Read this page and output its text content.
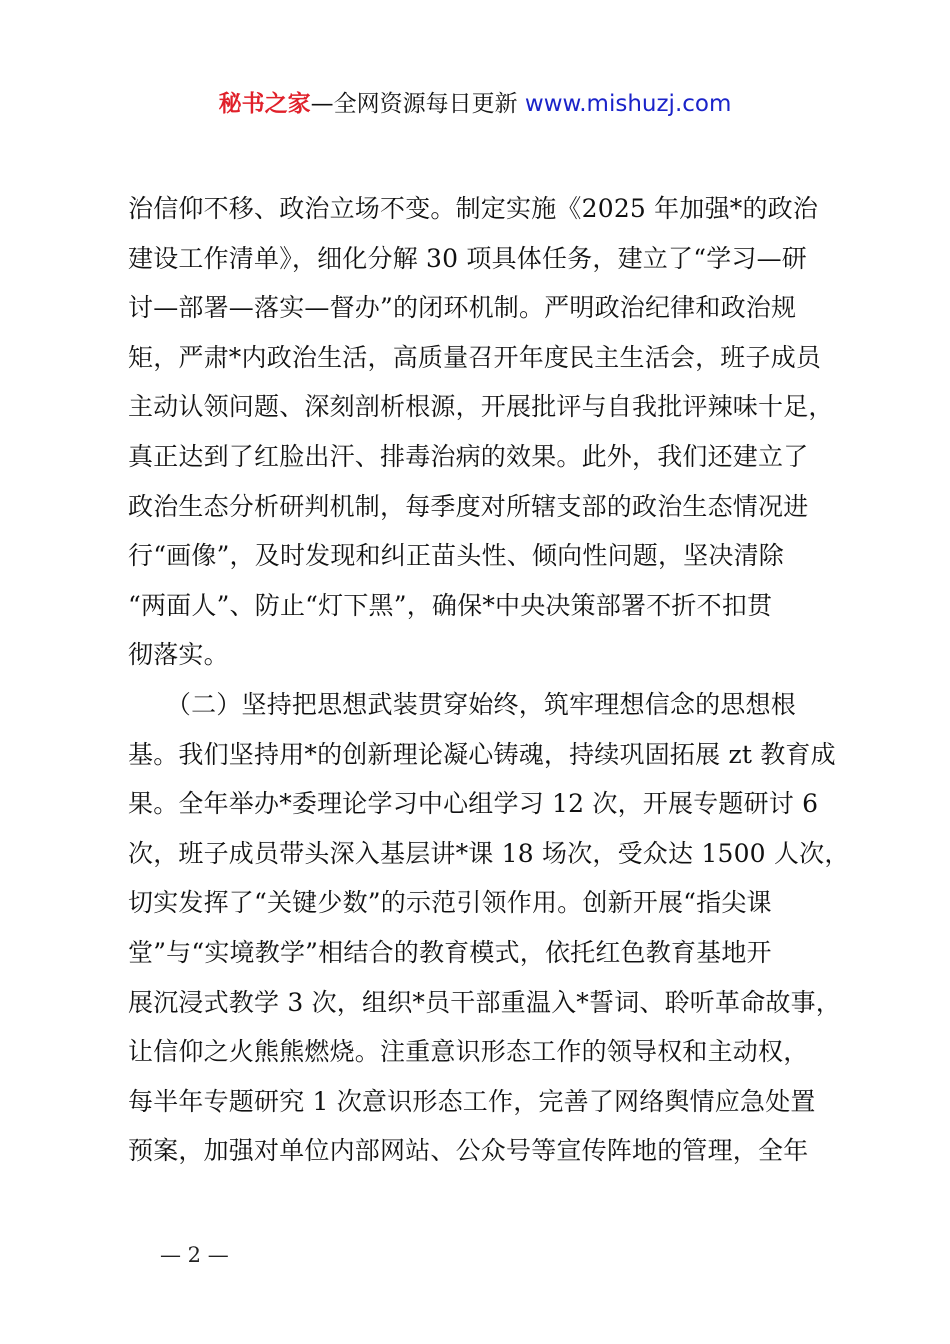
秘书之家—全网资源每日更新 www.mishuzj.com
治信仰不移、政治立场不变。制定实施《2025 年加强*的政治
建设工作清单》，细化分解 30 项具体任务，建立了“学习—研
讨—部署—落实—督办”的闭环机制。严明政治纪律和政治规
矩，严肃*内政治生活，高质量召开年度民主生活会，班子成员
主动认领问题、深刻剖析根源，开展批评与自我批评辣味十足，
真正达到了红脸出汗、排毒治病的效果。此外，我们还建立了
政治生态分析研判机制，每季度对所辖支部的政治生态情况进
行“画像”，及时发现和纠正苗头性、倾向性问题，坚决清除
“两面人”、防止“灯下黑”，确保*中央决策部署不折不扣贯
彻落实。
　　（二）坚持把思想武装贯穿始终，筑牢理想信念的思想根
基。我们坚持用*的创新理论凝心铸魂，持续巩固拓展 zt 教育成
果。全年举办*委理论学习中心组学习 12 次，开展专题研讨 6
次，班子成员带头深入基层讲*课 18 场次，受众达 1500 人次，
切实发挥了“关键少数”的示范引领作用。创新开展“指尖课
堂”与“实境教学”相结合的教育模式，依托红色教育基地开
展沉浸式教学 3 次，组织*员干部重温入*誓词、聆听革命故事，
让信仰之火熊熊燃烧。注重意识形态工作的领导权和主动权，
每半年专题研究 1 次意识形态工作，完善了网络舆情应急处置
预案，加强对单位内部网站、公众号等宣传阵地的管理，全年
— 2 —
